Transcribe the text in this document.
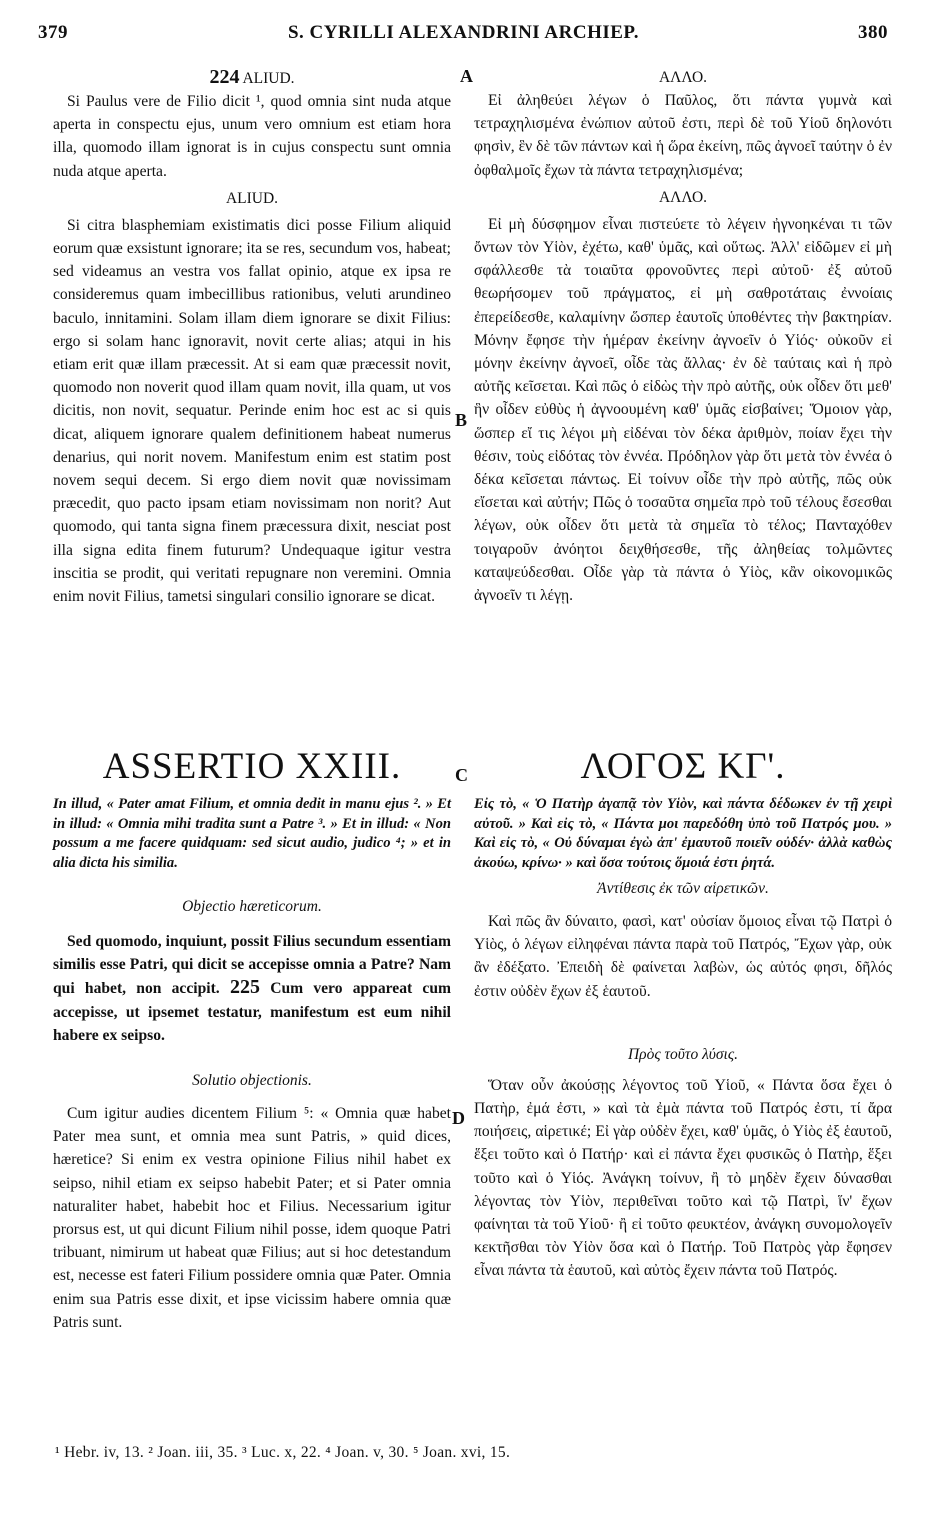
379	S. CYRILLI ALEXANDRINI ARCHIEP.	380
A
B
C
D
224 ALIUD.

Si Paulus vere de Filio dicit ¹, quod omnia sint nuda atque aperta in conspectu ejus, unum vero omnium est etiam hora illa, quomodo illam ignorat is in cujus conspectu sunt omnia nuda atque aperta.

ALIUD.

Si citra blasphemiam existimatis dici posse Filium aliquid eorum quæ exsistunt ignorare; ita se res, secundum vos, habeat; sed videamus an vestra vos fallat opinio, atque ex ipsa re consideremus quam imbecillibus rationibus, veluti arundineo baculo, innitamini. Solam illam diem ignorare se dixit Filius: ergo si solam hanc ignoravit, novit certe alias; atqui in his etiam erit quæ illam præcessit. At si eam quæ præcessit novit, quomodo non noverit quod illam quam novit, illa quam, ut vos dicitis, non novit, sequatur. Perinde enim hoc est ac si quis dicat, aliquem ignorare qualem definitionem habeat numerus denarius, qui norit novem. Manifestum enim est statim post novem sequi decem. Si ergo diem novit quæ novissimam præcedit, quo pacto ipsam etiam novissimam non norit? Aut quomodo, qui tanta signa finem præcessura dixit, nesciat post illa signa edita finem futurum? Undequaque igitur vestra inscitia se prodit, qui veritati repugnare non veremini. Omnia enim novit Filius, tametsi singulari consilio ignorare se dicat.

ΑΛΛΟ.

Εἰ ἀληθεύει λέγων ὁ Παῦλος, ὅτι πάντα γυμνὰ καὶ τετραχηλισμένα ἐνώπιον αὐτοῦ ἐστι, περὶ δὲ τοῦ Υἱοῦ δηλονότι φησὶν, ἓν δὲ τῶν πάντων καὶ ἡ ὥρα ἐκείνη, πῶς ἀγνοεῖ ταύτην ὁ ἐν ὀφθαλμοῖς ἔχων τὰ πάντα τετραχηλισμένα;

ΑΛΛΟ.

Εἰ μὴ δύσφημον εἶναι πιστεύετε τὸ λέγειν ἠγνοηκέναι τι τῶν ὄντων τὸν Υἱὸν, ἐχέτω, καθ' ὑμᾶς, καὶ οὕτως. Ἀλλ' εἰδῶμεν εἰ μὴ σφάλλεσθε τὰ τοιαῦτα φρονοῦντες περὶ αὐτοῦ· ἐξ αὐτοῦ θεωρήσομεν τοῦ πράγματος, εἰ μὴ σαθροτάταις ἐννοίαις ἐπερείδεσθε, καλαμίνην ὥσπερ ἑαυτοῖς ὑποθέντες τὴν βακτηρίαν. Μόνην ἔφησε τὴν ἡμέραν ἐκείνην ἀγνοεῖν ὁ Υἱός· οὐκοῦν εἰ μόνην ἐκείνην ἀγνοεῖ, οἶδε τὰς ἄλλας· ἐν δὲ ταύταις καὶ ἡ πρὸ αὐτῆς κεῖσεται. Καὶ πῶς ὁ εἰδὼς τὴν πρὸ αὐτῆς, οὐκ οἶδεν ὅτι μεθ' ἣν οἶδεν εὐθὺς ἡ ἀγνοουμένη καθ' ὑμᾶς εἰσβαίνει; Ὅμοιον γὰρ, ὥσπερ εἴ τις λέγοι μὴ εἰδέναι τὸν δέκα ἀριθμὸν, ποίαν ἔχει τὴν θέσιν, τοὺς εἰδότας τὸν ἐννέα. Πρόδηλον γὰρ ὅτι μετὰ τὸν ἐννέα ὁ δέκα κεῖσεται πάντως. Εἰ τοίνυν οἶδε τὴν πρὸ αὐτῆς, πῶς οὐκ εἴσεται καὶ αὐτήν; Πῶς ὁ τοσαῦτα σημεῖα πρὸ τοῦ τέλους ἔσεσθαι λέγων, οὐκ οἶδεν ὅτι μετὰ τὰ σημεῖα τὸ τέλος; Πανταχόθεν τοιγαροῦν ἀνόητοι δειχθήσεσθε, τῆς ἀληθείας τολμῶντες καταψεύδεσθαι. Οἶδε γὰρ τὰ πάντα ὁ Υἱὸς, κἂν οἰκονομικῶς ἀγνοεῖν τι λέγῃ.

ASSERTIO XXIII.	ΛΟΓΟΣ ΚΓ'.

In illud, « Pater amat Filium, et omnia dedit in manu ejus ². » Et in illud: « Omnia mihi tradita sunt a Patre ³. » Et in illud: « Non possum a me facere quidquam: sed sicut audio, judico ⁴; » et in alia dicta his similia.

Objectio hæreticorum.

Sed quomodo, inquiunt, possit Filius secundum essentiam similis esse Patri, qui dicit se accepisse omnia a Patre? Nam qui habet, non accipit. 225 Cum vero appareat cum accepisse, ut ipsemet testatur, manifestum est eum nihil habere ex seipso.

Solutio objectionis.

Cum igitur audies dicentem Filium ⁵: « Omnia quæ habet Pater mea sunt, et omnia mea sunt Patris, » quid dices, hæretice? Si enim ex vestra opinione Filius nihil habet ex seipso, nihil etiam ex seipso habebit Pater; et si Pater omnia naturaliter habet, habebit hoc et Filius. Necessarium igitur prorsus est, ut qui dicunt Filium nihil posse, idem quoque Patri tribuant, nimirum ut habeat quæ Filius; aut si hoc detestandum est, necesse est fateri Filium possidere omnia quæ Pater. Omnia enim sua Patris esse dixit, et ipse vicissim habere omnia quæ Patris sunt.

Εἰς τὸ, « Ὁ Πατὴρ ἀγαπᾷ τὸν Υἱὸν, καὶ πάντα δέδωκεν ἐν τῇ χειρὶ αὐτοῦ. » Καὶ εἰς τὸ, « Πάντα μοι παρεδόθη ὑπὸ τοῦ Πατρός μου. » Καὶ εἰς τὸ, « Οὐ δύναμαι ἐγὼ ἀπ' ἐμαυτοῦ ποιεῖν οὐδέν· ἀλλὰ καθὼς ἀκούω, κρίνω· » καὶ ὅσα τούτοις ὅμοιά ἐστι ῥητά.

Ἀντίθεσις ἐκ τῶν αἱρετικῶν.

Καὶ πῶς ἂν δύναιτο, φασὶ, κατ' οὐσίαν ὅμοιος εἶναι τῷ Πατρὶ ὁ Υἱὸς, ὁ λέγων εἰληφέναι πάντα παρὰ τοῦ Πατρός, Ἔχων γὰρ, οὐκ ἂν ἐδέξατο. Ἐπειδὴ δὲ φαίνεται λαβὼν, ὡς αὐτός φησι, δῆλός ἐστιν οὐδὲν ἔχων ἐξ ἑαυτοῦ.

Πρὸς τοῦτο λύσις.

Ὅταν οὖν ἀκούσῃς λέγοντος τοῦ Υἱοῦ, « Πάντα ὅσα ἔχει ὁ Πατὴρ, ἐμά ἐστι, » καὶ τὰ ἐμὰ πάντα τοῦ Πατρός ἐστι, τί ἄρα ποιήσεις, αἱρετικέ; Εἰ γὰρ οὐδὲν ἔχει, καθ' ὑμᾶς, ὁ Υἱὸς ἐξ ἑαυτοῦ, ἕξει τοῦτο καὶ ὁ Πατήρ· καὶ εἰ πάντα ἔχει φυσικῶς ὁ Πατὴρ, ἕξει τοῦτο καὶ ὁ Υἱός. Ἀνάγκη τοίνυν, ἢ τὸ μηδὲν ἔχειν δύνασθαι λέγοντας τὸν Υἱὸν, περιθεῖναι τοῦτο καὶ τῷ Πατρὶ, ἵν' ἔχων φαίνηται τὰ τοῦ Υἱοῦ· ἢ εἰ τοῦτο φευκτέον, ἀνάγκη συνομολογεῖν κεκτῆσθαι τὸν Υἱὸν ὅσα καὶ ὁ Πατήρ. Τοῦ Πατρὸς γὰρ ἔφησεν εἶναι πάντα τὰ ἑαυτοῦ, καὶ αὐτὸς ἔχειν πάντα τοῦ Πατρός.

¹ Hebr. iv, 13. ² Joan. iii, 35. ³ Luc. x, 22. ⁴ Joan. v, 30. ⁵ Joan. xvi, 15.
